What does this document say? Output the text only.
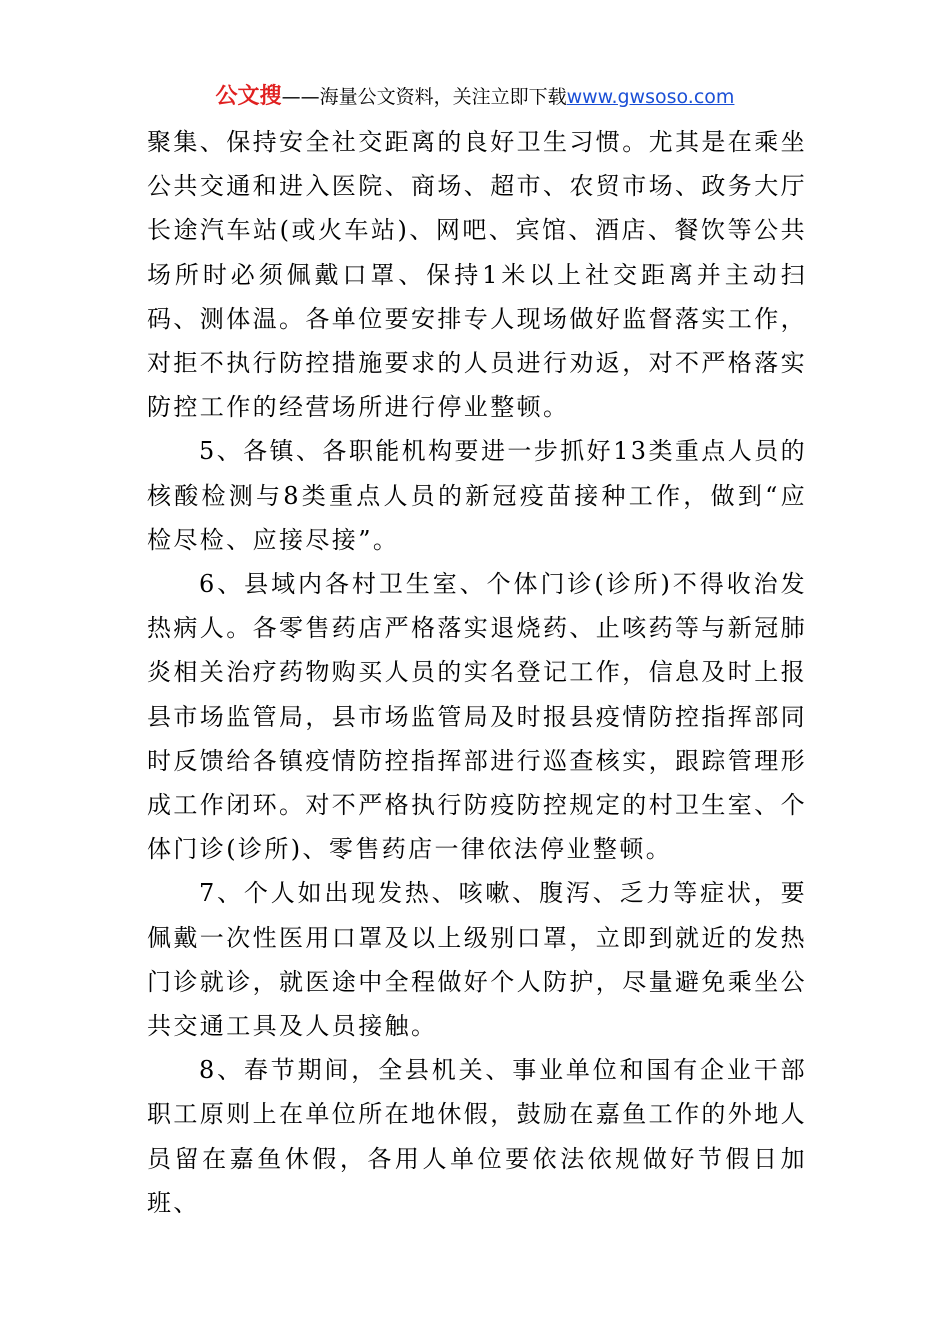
公文搜——海量公文资料，关注立即下载www.gwsoso.com

聚集、保持安全社交距离的良好卫生习惯。尤其是在乘坐公共交通和进入医院、商场、超市、农贸市场、政务大厅长途汽车站(或火车站)、网吧、宾馆、酒店、餐饮等公共场所时必须佩戴口罩、保持1米以上社交距离并主动扫码、测体温。各单位要安排专人现场做好监督落实工作，对拒不执行防控措施要求的人员进行劝返，对不严格落实防控工作的经营场所进行停业整顿。

5、各镇、各职能机构要进一步抓好13类重点人员的核酸检测与8类重点人员的新冠疫苗接种工作，做到“应检尽检、应接尽接”。

6、县域内各村卫生室、个体门诊(诊所)不得收治发热病人。各零售药店严格落实退烧药、止咳药等与新冠肺炎相关治疗药物购买人员的实名登记工作，信息及时上报县市场监管局，县市场监管局及时报县疫情防控指挥部同时反馈给各镇疫情防控指挥部进行巡查核实，跟踪管理形成工作闭环。对不严格执行防疫防控规定的村卫生室、个体门诊(诊所)、零售药店一律依法停业整顿。

7、个人如出现发热、咳嗽、腹泻、乏力等症状，要佩戴一次性医用口罩及以上级别口罩，立即到就近的发热门诊就诊，就医途中全程做好个人防护，尽量避免乘坐公共交通工具及人员接触。

8、春节期间，全县机关、事业单位和国有企业干部职工原则上在单位所在地休假，鼓励在嘉鱼工作的外地人员留在嘉鱼休假，各用人单位要依法依规做好节假日加班、
